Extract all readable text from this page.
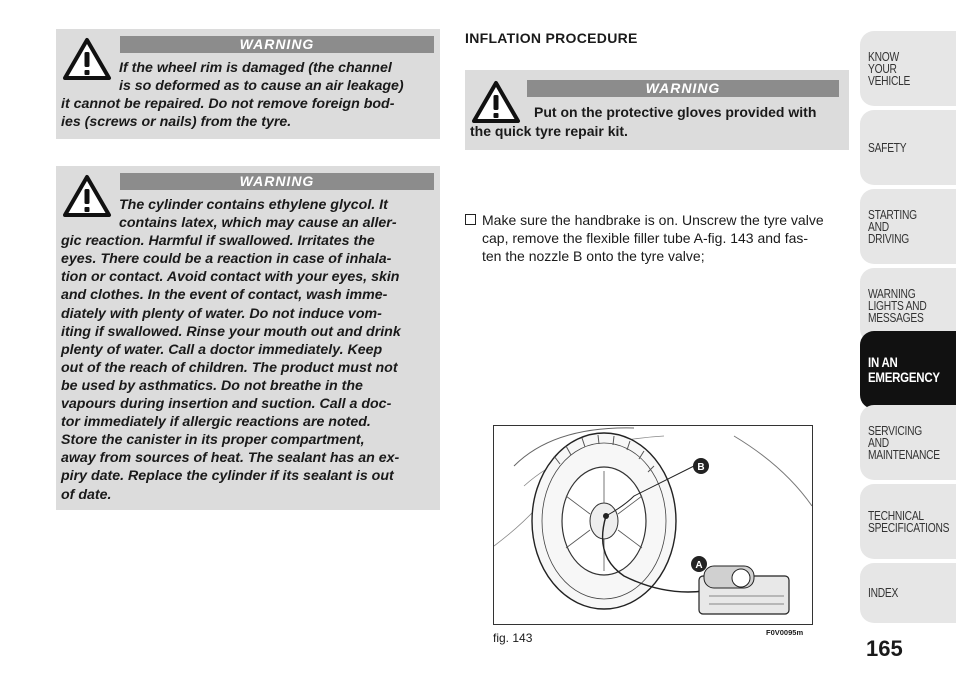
WARNING

If the wheel rim is damaged (the channel
is so deformed as to cause an air leakage)
it cannot be repaired. Do not remove foreign bod-
ies (screws or nails) from the tyre.

WARNING

The cylinder contains ethylene glycol. It
contains latex, which may cause an aller-
gic reaction. Harmful if swallowed. Irritates the
eyes. There could be a reaction in case of inhala-
tion or contact. Avoid contact with your eyes, skin
and clothes. In the event of contact, wash imme-
diately with plenty of water. Do not induce vom-
iting if swallowed. Rinse your mouth out and drink
plenty of water. Call a doctor immediately. Keep
out of the reach of children. The product must not
be used by asthmatics. Do not breathe in the
vapours during insertion and suction. Call a doc-
tor immediately if allergic reactions are noted.
Store the canister in its proper compartment,
away from sources of heat. The sealant has an ex-
piry date. Replace the cylinder if its sealant is out
of date.

INFLATION PROCEDURE
WARNING

Put on the protective gloves provided with
the quick tyre repair kit.

Make sure the handbrake is on. Unscrew the tyre valve
cap, remove the flexible filler tube A-fig. 143 and fas-
ten the nozzle B onto the tyre valve;
B
A
fig. 143	F0V0095m
KNOW
YOUR
VEHICLE
SAFETY
STARTING
AND
DRIVING
WARNING
LIGHTS AND
MESSAGES
IN AN
EMERGENCY
SERVICING
AND
MAINTENANCE
TECHNICAL
SPECIFICATIONS
INDEX
165
